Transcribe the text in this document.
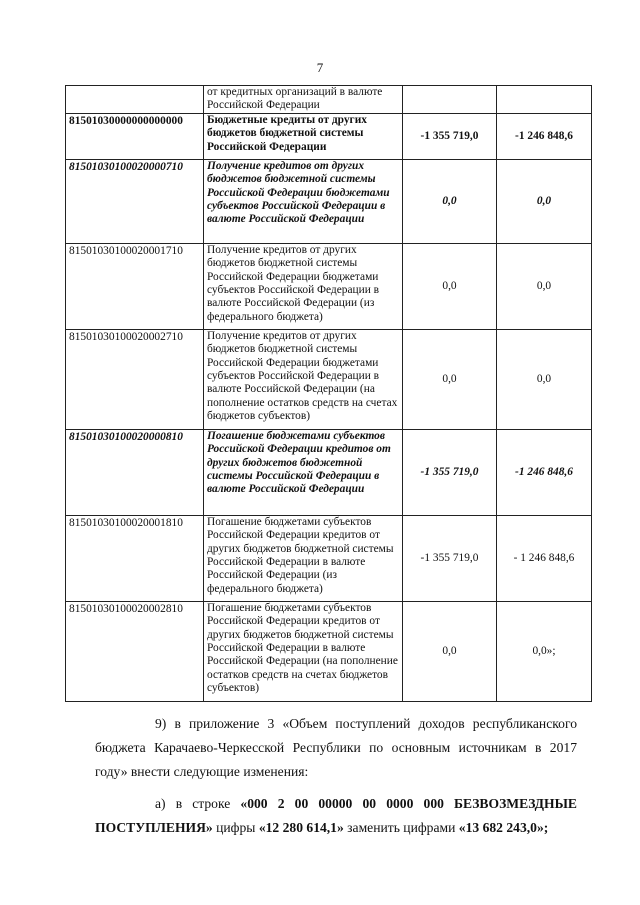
7
	от кредитных организаций в валюте Российской Федерации		
81501030000000000000	Бюджетные кредиты от других бюджетов бюджетной системы Российской Федерации	-1 355 719,0	-1 246 848,6
81501030100020000710	Получение кредитов от других бюджетов бюджетной системы Российской Федерации бюджетами субъектов Российской Федерации в валюте Российской Федерации	0,0	0,0
81501030100020001710	Получение кредитов от других бюджетов бюджетной системы Российской Федерации бюджетами субъектов Российской Федерации в валюте Российской Федерации (из федерального бюджета)	0,0	0,0
81501030100020002710	Получение кредитов от других бюджетов бюджетной системы Российской Федерации бюджетами субъектов Российской Федерации в валюте Российской Федерации (на пополнение остатков средств на счетах бюджетов субъектов)	0,0	0,0
81501030100020000810	Погашение бюджетами субъектов Российской Федерации кредитов от других бюджетов бюджетной системы Российской Федерации в валюте Российской Федерации	-1 355 719,0	-1 246 848,6
81501030100020001810	Погашение бюджетами субъектов Российской Федерации кредитов от других бюджетов бюджетной системы Российской Федерации в валюте Российской Федерации (из федерального бюджета)	-1 355 719,0	- 1 246 848,6
81501030100020002810	Погашение бюджетами субъектов Российской Федерации кредитов от других бюджетов бюджетной системы Российской Федерации в валюте Российской Федерации (на пополнение остатков средств на счетах бюджетов субъектов)	0,0	0,0»;
9) в приложение 3 «Объем поступлений доходов республиканского бюджета Карачаево-Черкесской Республики по основным источникам в 2017 году» внести следующие изменения:
а) в строке «000 2 00 00000 00 0000 000 БЕЗВОЗМЕЗДНЫЕ ПОСТУПЛЕНИЯ» цифры «12 280 614,1» заменить цифрами «13 682 243,0»;
